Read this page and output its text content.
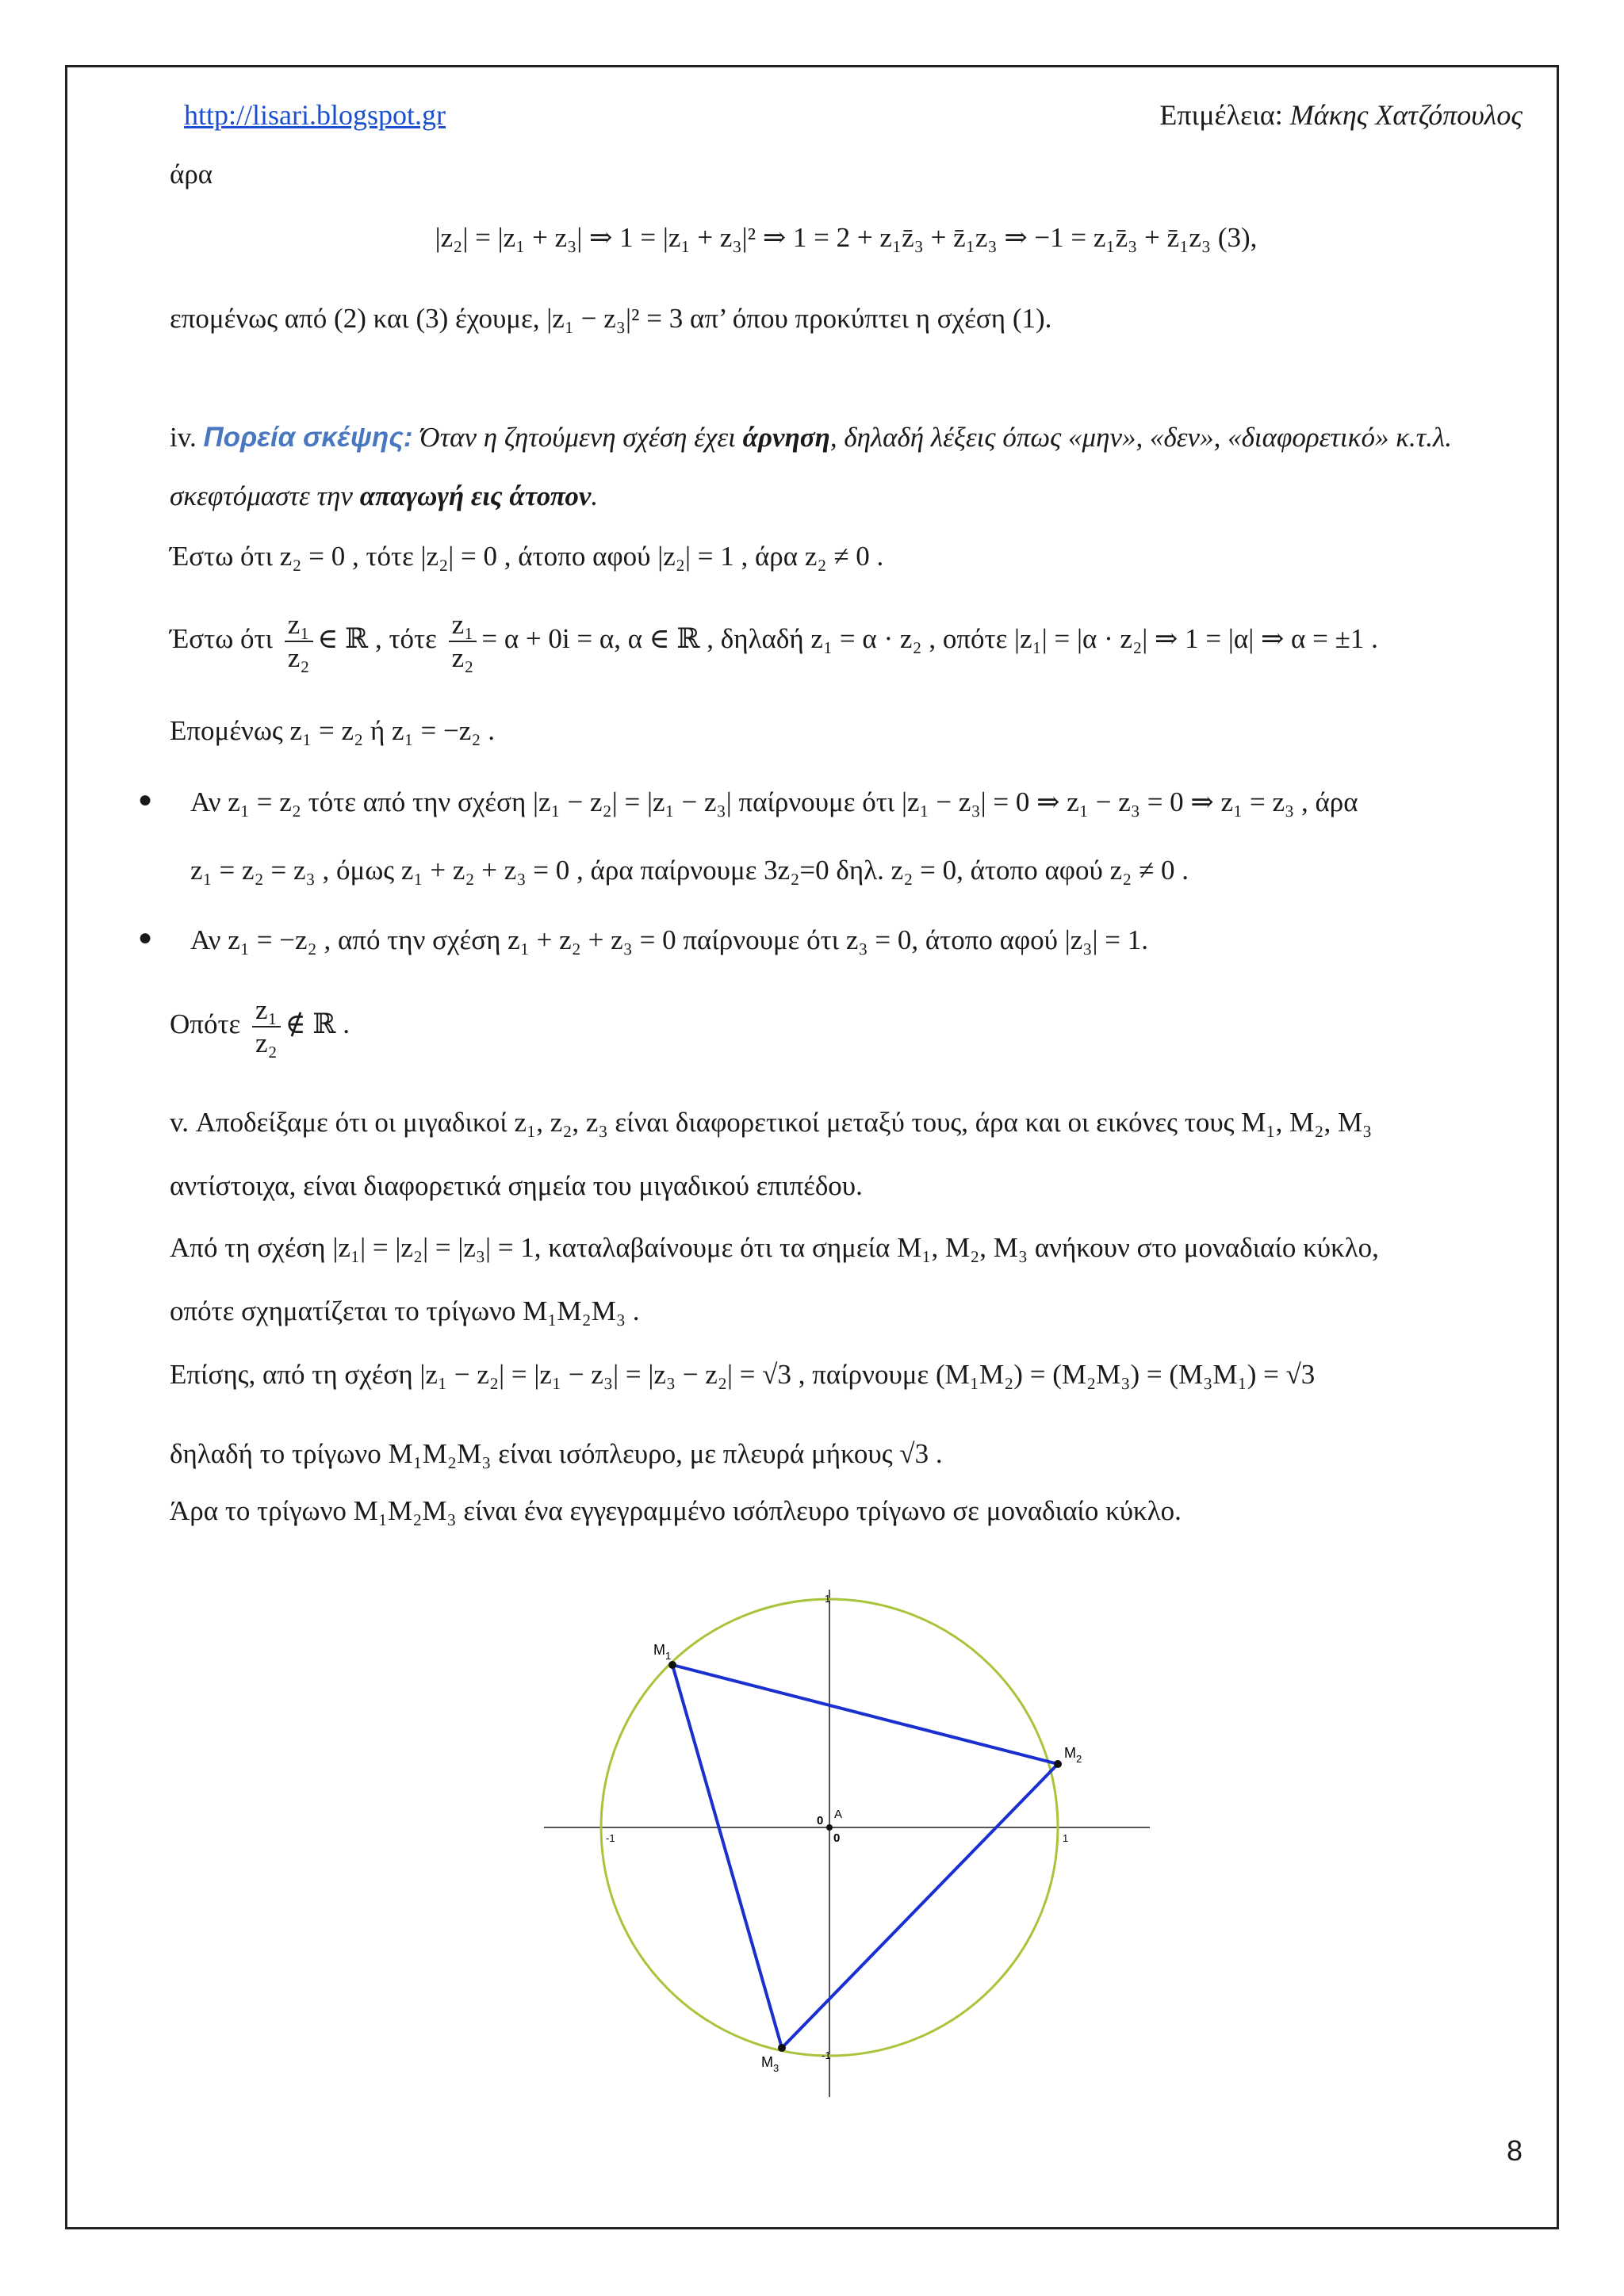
http://lisari.blogspot.gr	Επιμέλεια: Μάκης Χατζόπουλος
άρα
|z₂| = |z₁ + z₃| ⇒ 1 = |z₁ + z₃|² ⇒ 1 = 2 + z₁z̄₃ + z̄₁z₃ ⇒ −1 = z₁z̄₃ + z̄₁z₃ (3),
επομένως από (2) και (3) έχουμε, |z₁ − z₃|² = 3 απ’ όπου προκύπτει η σχέση (1).
iv. Πορεία σκέψης: Όταν η ζητούμενη σχέση έχει άρνηση, δηλαδή λέξεις όπως «μην», «δεν», «διαφορετικό» κ.τ.λ.
σκεφτόμαστε την απαγωγή εις άτοπον.
Έστω ότι z₂ = 0 , τότε |z₂| = 0 , άτοπο αφού |z₂| = 1 , άρα z₂ ≠ 0 .
Έστω ότι $\frac{\text{z₁}}{\text{z₂}}$ ∈ ℝ , τότε $\frac{\text{z₁}}{\text{z₂}} = \alpha + 0i = \alpha$, α ∈ ℝ , δηλαδή z₁ = α · z₂ , οπότε |z₁| = |α · z₂| ⇒ 1 = |α| ⇒ α = ±1 .
Επομένως z₁ = z₂ ή z₁ = −z₂ .
● Αν z₁ = z₂ τότε από την σχέση |z₁ − z₂| = |z₁ − z₃| παίρνουμε ότι |z₁ − z₃| = 0 ⇒ z₁ − z₃ = 0 ⇒ z₁ = z₃ , άρα
z₁ = z₂ = z₃ , όμως z₁ + z₂ + z₃ = 0 , άρα παίρνουμε 3z₂=0 δηλ. z₂ = 0, άτοπο αφού z₂ ≠ 0 .
● Αν z₁ = −z₂ , από την σχέση z₁ + z₂ + z₃ = 0 παίρνουμε ότι z₃ = 0, άτοπο αφού |z₃| = 1.
Οπότε $\frac{\text{z₁}}{\text{z₂}}$ ∉ ℝ .
v. Αποδείξαμε ότι οι μιγαδικοί z₁, z₂, z₃ είναι διαφορετικοί μεταξύ τους, άρα και οι εικόνες τους M₁, M₂, M₃
αντίστοιχα, είναι διαφορετικά σημεία του μιγαδικού επιπέδου.
Από τη σχέση |z₁| = |z₂| = |z₃| = 1, καταλαβαίνουμε ότι τα σημεία M₁, M₂, M₃ ανήκουν στο μοναδιαίο κύκλο,
οπότε σχηματίζεται το τρίγωνο M₁M₂M₃ .
Επίσης, από τη σχέση |z₁ − z₂| = |z₁ − z₃| = |z₃ − z₂| = √3 , παίρνουμε (M₁M₂) = (M₂M₃) = (M₃M₁) = √3
δηλαδή το τρίγωνο M₁M₂M₃ είναι ισόπλευρο, με πλευρά μήκους √3 .
Άρα το τρίγωνο M₁M₂M₃ είναι ένα εγγεγραμμένο ισόπλευρο τρίγωνο σε μοναδιαίο κύκλο.
$M_1$
$M_2$
$M_3$
0 A
0
-1	1
1
-1
8
